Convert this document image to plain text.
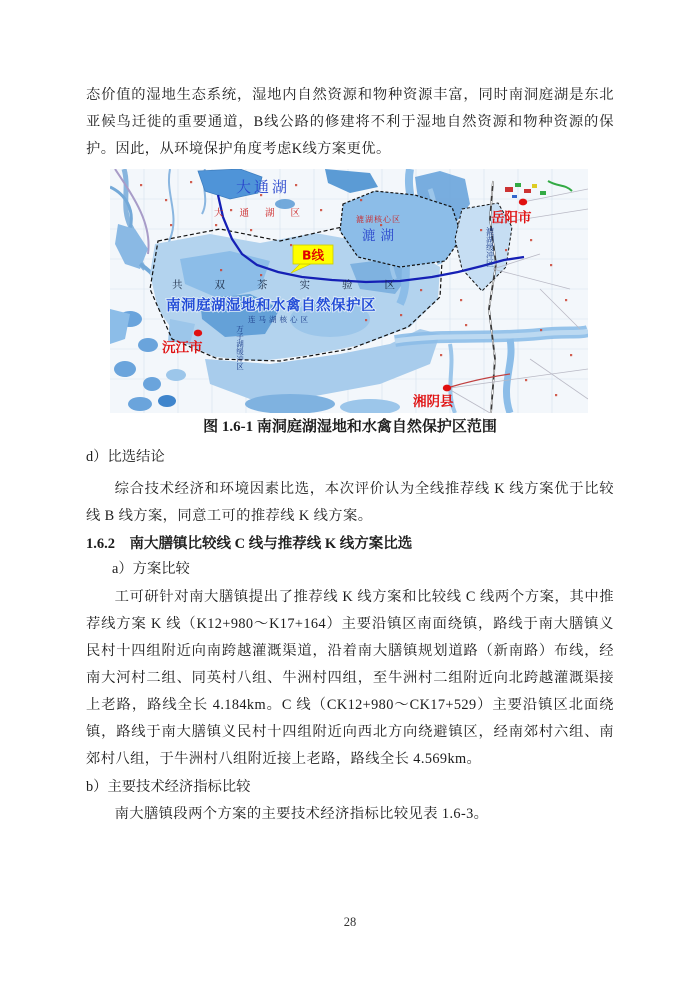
态价值的湿地生态系统，湿地内自然资源和物种资源丰富，同时南洞庭湖是东北亚候鸟迁徙的重要通道，B线公路的修建将不利于湿地自然资源和物种资源的保护。因此，从环境保护角度考虑K线方案更优。

B线
大通湖
大通湖区
漉湖核心区
漉湖	漉湖缓冲区
岳阳市
共双茶实验区
南洞庭湖湿地和水禽自然保护区
连马湖核心区
万子湖缓冲区
沅江市
湘阴县
图 1.6-1 南洞庭湖湿地和水禽自然保护区范围
d）比选结论

综合技术经济和环境因素比选，本次评价认为全线推荐线 K 线方案优于比较线 B 线方案，同意工可的推荐线 K 线方案。

1.6.2　南大膳镇比较线 C 线与推荐线 K 线方案比选
a）方案比较

工可研针对南大膳镇提出了推荐线 K 线方案和比较线 C 线两个方案，其中推荐线方案 K 线（K12+980～K17+164）主要沿镇区南面绕镇，路线于南大膳镇义民村十四组附近向南跨越灌溉渠道，沿着南大膳镇规划道路（新南路）布线，经南大河村二组、同英村八组、牛洲村四组，至牛洲村二组附近向北跨越灌溉渠接上老路，路线全长 4.184km。C 线（CK12+980～CK17+529）主要沿镇区北面绕镇，路线于南大膳镇义民村十四组附近向西北方向绕避镇区，经南郊村六组、南郊村八组，于牛洲村八组附近接上老路，路线全长 4.569km。

b）主要技术经济指标比较

南大膳镇段两个方案的主要技术经济指标比较见表 1.6-3。

28
